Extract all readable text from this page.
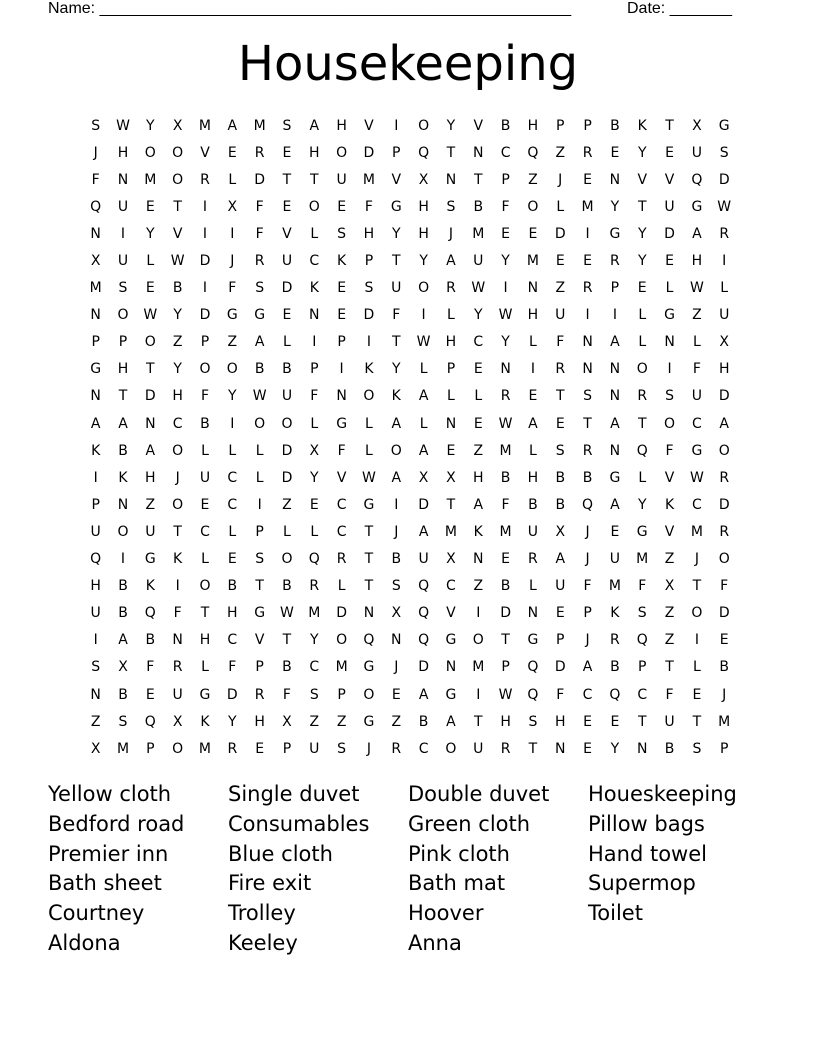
Name: _____________________________________________________	Date: _______
Housekeeping
S	W	Y	X	M	A	M	S	A	H	V	I	O	Y	V	B	H	P	P	B	K	T	X	G
J	H	O	O	V	E	R	E	H	O	D	P	Q	T	N	C	Q	Z	R	E	Y	E	U	S
F	N	M	O	R	L	D	T	T	U	M	V	X	N	T	P	Z	J	E	N	V	V	Q	D
Q	U	E	T	I	X	F	E	O	E	F	G	H	S	B	F	O	L	M	Y	T	U	G	W
N	I	Y	V	I	I	F	V	L	S	H	Y	H	J	M	E	E	D	I	G	Y	D	A	R
X	U	L	W	D	J	R	U	C	K	P	T	Y	A	U	Y	M	E	E	R	Y	E	H	I
M	S	E	B	I	F	S	D	K	E	S	U	O	R	W	I	N	Z	R	P	E	L	W	L
N	O	W	Y	D	G	G	E	N	E	D	F	I	L	Y	W	H	U	I	I	L	G	Z	U
P	P	O	Z	P	Z	A	L	I	P	I	T	W	H	C	Y	L	F	N	A	L	N	L	X
G	H	T	Y	O	O	B	B	P	I	K	Y	L	P	E	N	I	R	N	N	O	I	F	H
N	T	D	H	F	Y	W	U	F	N	O	K	A	L	L	R	E	T	S	N	R	S	U	D
A	A	N	C	B	I	O	O	L	G	L	A	L	N	E	W	A	E	T	A	T	O	C	A
K	B	A	O	L	L	L	D	X	F	L	O	A	E	Z	M	L	S	R	N	Q	F	G	O
I	K	H	J	U	C	L	D	Y	V	W	A	X	X	H	B	H	B	B	G	L	V	W	R
P	N	Z	O	E	C	I	Z	E	C	G	I	D	T	A	F	B	B	Q	A	Y	K	C	D
U	O	U	T	C	L	P	L	L	C	T	J	A	M	K	M	U	X	J	E	G	V	M	R
Q	I	G	K	L	E	S	O	Q	R	T	B	U	X	N	E	R	A	J	U	M	Z	J	O
H	B	K	I	O	B	T	B	R	L	T	S	Q	C	Z	B	L	U	F	M	F	X	T	F
U	B	Q	F	T	H	G	W	M	D	N	X	Q	V	I	D	N	E	P	K	S	Z	O	D
I	A	B	N	H	C	V	T	Y	O	Q	N	Q	G	O	T	G	P	J	R	Q	Z	I	E
S	X	F	R	L	F	P	B	C	M	G	J	D	N	M	P	Q	D	A	B	P	T	L	B
N	B	E	U	G	D	R	F	S	P	O	E	A	G	I	W	Q	F	C	Q	C	F	E	J
Z	S	Q	X	K	Y	H	X	Z	Z	G	Z	B	A	T	H	S	H	E	E	T	U	T	M
X	M	P	O	M	R	E	P	U	S	J	R	C	O	U	R	T	N	E	Y	N	B	S	P
Yellow cloth	Single duvet	Double duvet	Houeskeeping
Bedford road	Consumables	Green cloth	Pillow bags
Premier inn	Blue cloth	Pink cloth	Hand towel
Bath sheet	Fire exit	Bath mat	Supermop
Courtney	Trolley	Hoover	Toilet
Aldona	Keeley	Anna
